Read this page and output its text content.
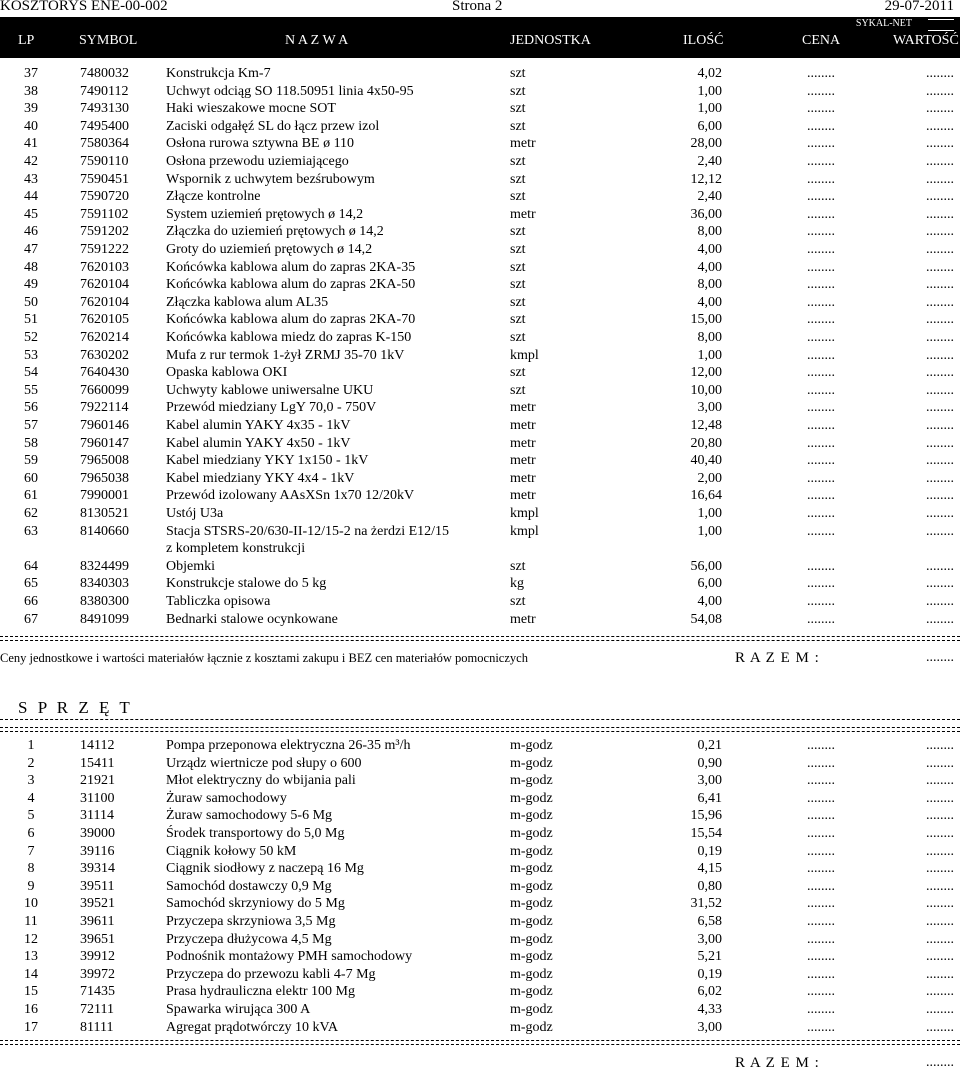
KOSZTORYS ENE-00-002	Strona 2	29-07-2011
SYKAL-NET
LP	SYMBOL	N A Z W A	JEDNOSTKA	ILOŚĆ	CENA	WARTOŚĆ
37	7480032	Konstrukcja Km-7	szt	4,02	........	........
38	7490112	Uchwyt odciąg SO 118.50951 linia 4x50-95	szt	1,00	........	........
39	7493130	Haki wieszakowe mocne SOT	szt	1,00	........	........
40	7495400	Zaciski odgałęź SL do łącz przew izol	szt	6,00	........	........
41	7580364	Osłona rurowa sztywna BE ø 110	metr	28,00	........	........
42	7590110	Osłona przewodu uziemiającego	szt	2,40	........	........
43	7590451	Wspornik z uchwytem bezśrubowym	szt	12,12	........	........
44	7590720	Złącze kontrolne	szt	2,40	........	........
45	7591102	System uziemień prętowych ø 14,2	metr	36,00	........	........
46	7591202	Złączka do uziemień prętowych ø 14,2	szt	8,00	........	........
47	7591222	Groty do uziemień prętowych ø 14,2	szt	4,00	........	........
48	7620103	Końcówka kablowa alum do zapras 2KA-35	szt	4,00	........	........
49	7620104	Końcówka kablowa alum do zapras 2KA-50	szt	8,00	........	........
50	7620104	Złączka kablowa alum AL35	szt	4,00	........	........
51	7620105	Końcówka kablowa alum do zapras 2KA-70	szt	15,00	........	........
52	7620214	Końcówka kablowa miedz do zapras K-150	szt	8,00	........	........
53	7630202	Mufa z rur termok 1-żył ZRMJ 35-70 1kV	kmpl	1,00	........	........
54	7640430	Opaska kablowa OKI	szt	12,00	........	........
55	7660099	Uchwyty kablowe uniwersalne UKU	szt	10,00	........	........
56	7922114	Przewód miedziany LgY 70,0 - 750V	metr	3,00	........	........
57	7960146	Kabel alumin YAKY 4x35 - 1kV	metr	12,48	........	........
58	7960147	Kabel alumin YAKY 4x50 - 1kV	metr	20,80	........	........
59	7965008	Kabel miedziany YKY 1x150 - 1kV	metr	40,40	........	........
60	7965038	Kabel miedziany YKY 4x4 - 1kV	metr	2,00	........	........
61	7990001	Przewód izolowany AAsXSn 1x70 12/20kV	metr	16,64	........	........
62	8130521	Ustój U3a	kmpl	1,00	........	........
63	8140660	Stacja STSRS-20/630-II-12/15-2 na żerdzi E12/15	kmpl	1,00	........	........
z kompletem konstrukcji
64	8324499	Objemki	szt	56,00	........	........
65	8340303	Konstrukcje stalowe do 5 kg	kg	6,00	........	........
66	8380300	Tabliczka opisowa	szt	4,00	........	........
67	8491099	Bednarki stalowe ocynkowane	metr	54,08	........	........
Ceny jednostkowe i wartości materiałów łącznie z kosztami zakupu i BEZ cen materiałów pomocniczych	R A Z E M :	........
S P R Z Ę T
1	14112	Pompa przeponowa elektryczna 26-35 m³/h	m-godz	0,21	........	........
2	15411	Urządz wiertnicze pod słupy o 600	m-godz	0,90	........	........
3	21921	Młot elektryczny do wbijania pali	m-godz	3,00	........	........
4	31100	Żuraw samochodowy	m-godz	6,41	........	........
5	31114	Żuraw samochodowy 5-6 Mg	m-godz	15,96	........	........
6	39000	Środek transportowy do 5,0 Mg	m-godz	15,54	........	........
7	39116	Ciągnik kołowy 50 kM	m-godz	0,19	........	........
8	39314	Ciągnik siodłowy z naczepą 16 Mg	m-godz	4,15	........	........
9	39511	Samochód dostawczy 0,9 Mg	m-godz	0,80	........	........
10	39521	Samochód skrzyniowy do 5 Mg	m-godz	31,52	........	........
11	39611	Przyczepa skrzyniowa 3,5 Mg	m-godz	6,58	........	........
12	39651	Przyczepa dłużycowa 4,5 Mg	m-godz	3,00	........	........
13	39912	Podnośnik montażowy PMH samochodowy	m-godz	5,21	........	........
14	39972	Przyczepa do przewozu kabli 4-7 Mg	m-godz	0,19	........	........
15	71435	Prasa hydrauliczna elektr 100 Mg	m-godz	6,02	........	........
16	72111	Spawarka wirująca 300 A	m-godz	4,33	........	........
17	81111	Agregat prądotwórczy 10 kVA	m-godz	3,00	........	........
R A Z E M :	........
